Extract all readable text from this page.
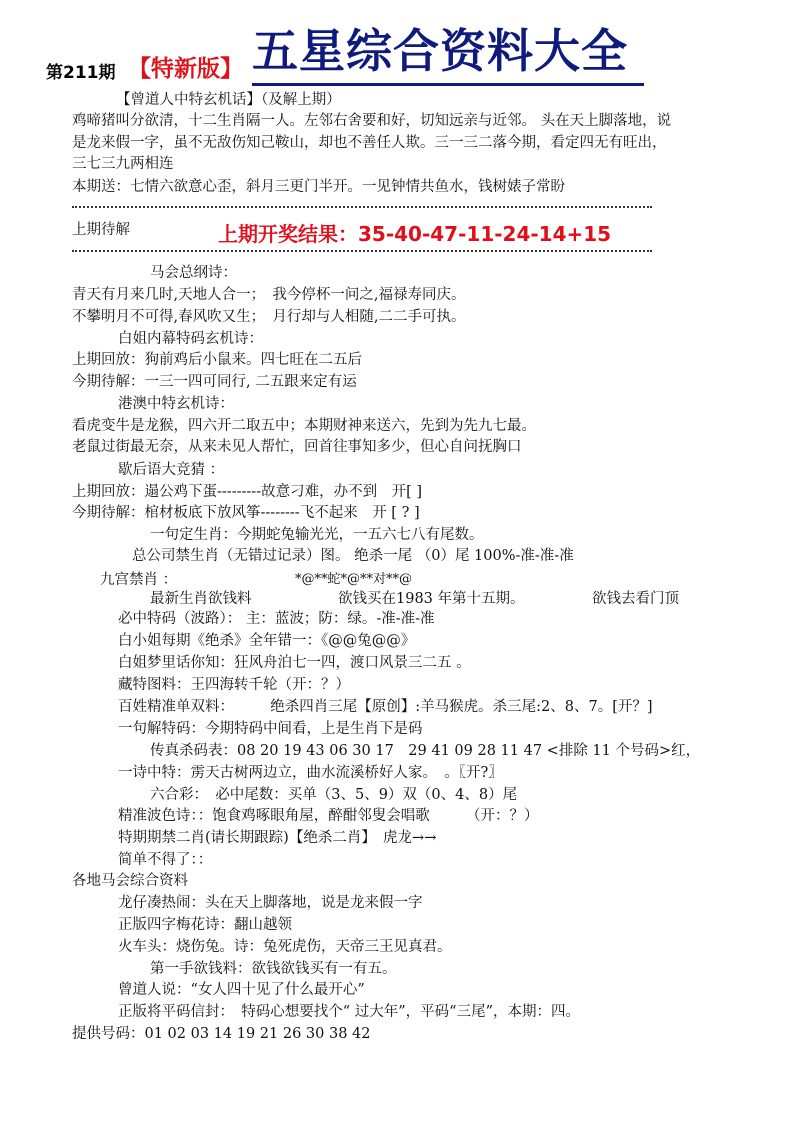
第211期 【特新版】 五星综合资料大全
【曾道人中特玄机话】（及解上期）
鸡啼猪叫分欲清，十二生肖隔一人。左邻右舍要和好，切知远亲与近邻。 头在天上脚落地，说
是龙来假一字，虽不无敌伤知己鞍山，却也不善任人欺。三一三二落今期，看定四无有旺出，
三七三九两相连
本期送：七情六欲意心歪，斜月三更门半开。一见钟情共鱼水，钱树婊子常盼
上期待解	上期开奖结果：35-40-47-11-24-14+15
马会总纲诗：
青天有月来几时,天地人合一；　我今停杯一问之,福禄寿同庆。
不攀明月不可得,春风吹又生；　月行却与人相随,二二手可执。
白姐内幕特码玄机诗：
上期回放：狗前鸡后小鼠来。四七旺在二五后
今期待解：一三一四可同行, 二五跟来定有运
港澳中特玄机诗：
看虎变牛是龙猴，四六开二取五中；本期财神来送六，先到为先九七最。
老鼠过街最无奈，从来未见人帮忙，回首往事知多少，但心自问抚胸口
歇后语大竞猜 ：
上期回放：遢公鸡下蛋---------故意刁难，办不到　开[ ]
今期待解：棺材板底下放风筝--------飞不起来　开 [ ? ]
一句定生肖：今期蛇兔输光光，一五六七八有尾数。
总公司禁生肖（无错过记录）图。 绝杀一尾 （0）尾 100%-准-准-准
九宫禁肖 ：	*@**蛇*@**对**@
最新生肖欲钱料	欲钱买在1983 年第十五期。	欲钱去看门顶
必中特码（波路）： 主：蓝波；防：绿。-准-准-准
白小姐每期《绝杀》全年错一：《@@兔@@》
白姐梦里话你知：狂风舟泊七一四，渡口风景三二五 。
藏特图料：王四海转千轮（开：？）
百姓精准单双料：　　　绝杀四肖三尾【原创】:羊马猴虎。杀三尾:2、8、7。[开？]
一句解特码：今期特码中间看，上是生肖下是码
传真杀码表：08 20 19 43 06 30 17　29 41 09 28 11 47 <排除 11 个号码>红，
一诗中特：雳天古树两边立，曲水流溪桥好人家。　。〖开?〗
六合彩：　必中尾数：买单（3、5、9）双（0、4、8）尾
精准波色诗：：饱食鸡啄眼角屋，醉酣邻叟会唱歌　　　（开：？）
特期期禁二肖(请长期跟踪)【绝杀二肖】　虎龙→→
简单不得了：：
各地马会综合资料
龙仔凑热闹：头在天上脚落地，说是龙来假一字
正版四字梅花诗：翻山越领
火车头：烧伤兔。诗：兔死虎伤，天帝三王见真君。
第一手欲钱料：欲钱欲钱买有一有五。
曾道人说：“女人四十见了什么最开心”
正版将平码信封：　特码心想要找个“ 过大年”，平码“三尾”，本期：四。
提供号码：01 02 03 14 19 21 26 30 38 42
